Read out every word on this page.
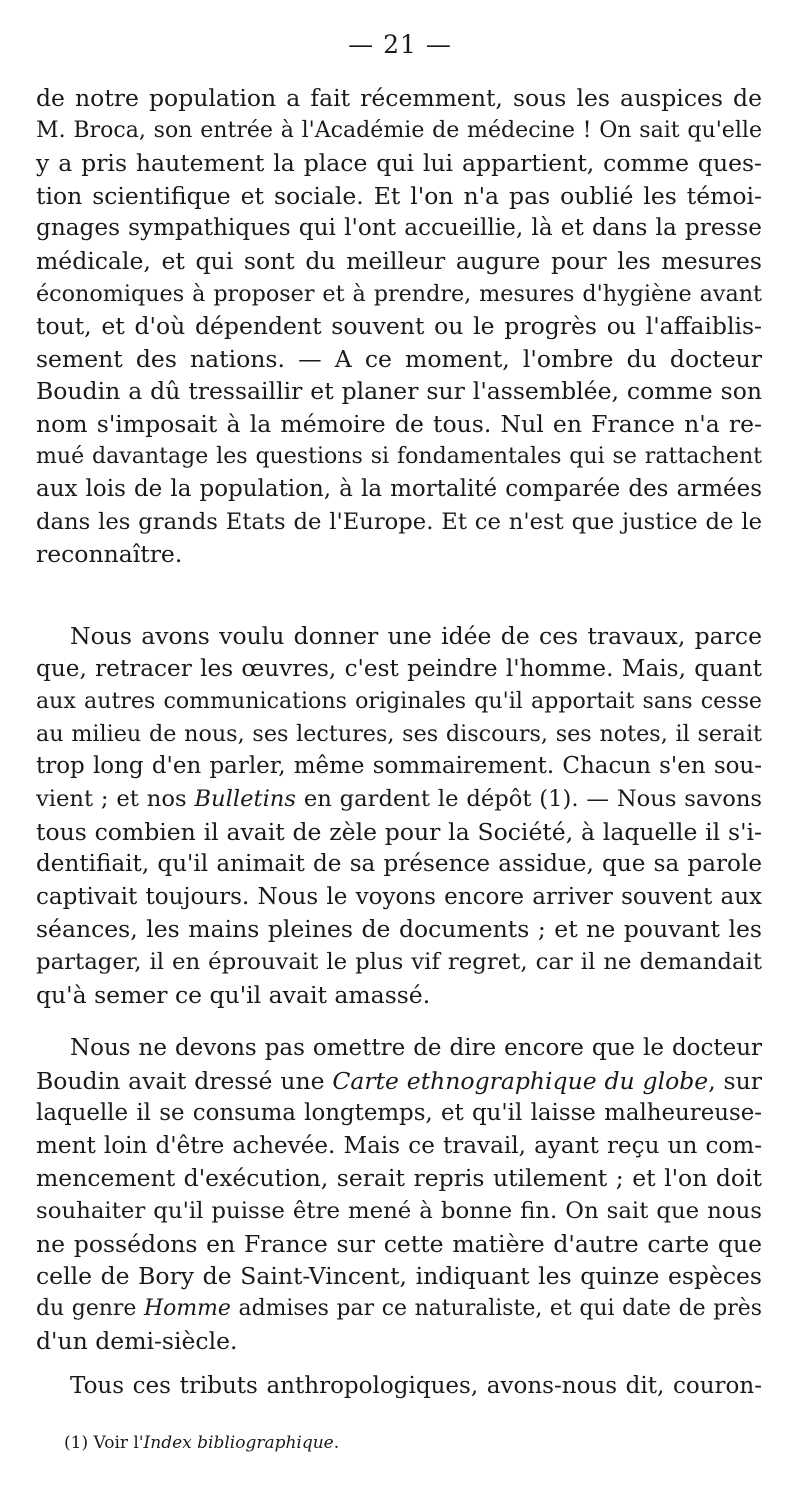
— 21 —
de notre population a fait récemment, sous les auspices de
M. Broca, son entrée à l'Académie de médecine ! On sait qu'elle
y a pris hautement la place qui lui appartient, comme ques-
tion scientifique et sociale. Et l'on n'a pas oublié les témoi-
gnages sympathiques qui l'ont accueillie, là et dans la presse
médicale, et qui sont du meilleur augure pour les mesures
économiques à proposer et à prendre, mesures d'hygiène avant
tout, et d'où dépendent souvent ou le progrès ou l'affaiblis-
sement des nations. — A ce moment, l'ombre du docteur
Boudin a dû tressaillir et planer sur l'assemblée, comme son
nom s'imposait à la mémoire de tous. Nul en France n'a re-
mué davantage les questions si fondamentales qui se rattachent
aux lois de la population, à la mortalité comparée des armées
dans les grands Etats de l'Europe. Et ce n'est que justice de le
reconnaître.
Nous avons voulu donner une idée de ces travaux, parce
que, retracer les œuvres, c'est peindre l'homme. Mais, quant
aux autres communications originales qu'il apportait sans cesse
au milieu de nous, ses lectures, ses discours, ses notes, il serait
trop long d'en parler, même sommairement. Chacun s'en sou-
vient ; et nos Bulletins en gardent le dépôt (1). — Nous savons
tous combien il avait de zèle pour la Société, à laquelle il s'i-
dentifiait, qu'il animait de sa présence assidue, que sa parole
captivait toujours. Nous le voyons encore arriver souvent aux
séances, les mains pleines de documents ; et ne pouvant les
partager, il en éprouvait le plus vif regret, car il ne demandait
qu'à semer ce qu'il avait amassé.
Nous ne devons pas omettre de dire encore que le docteur
Boudin avait dressé une Carte ethnographique du globe, sur
laquelle il se consuma longtemps, et qu'il laisse malheureuse-
ment loin d'être achevée. Mais ce travail, ayant reçu un com-
mencement d'exécution, serait repris utilement ; et l'on doit
souhaiter qu'il puisse être mené à bonne fin. On sait que nous
ne possédons en France sur cette matière d'autre carte que
celle de Bory de Saint-Vincent, indiquant les quinze espèces
du genre Homme admises par ce naturaliste, et qui date de près
d'un demi-siècle.
Tous ces tributs anthropologiques, avons-nous dit, couron-
(1) Voir l'Index bibliographique.
